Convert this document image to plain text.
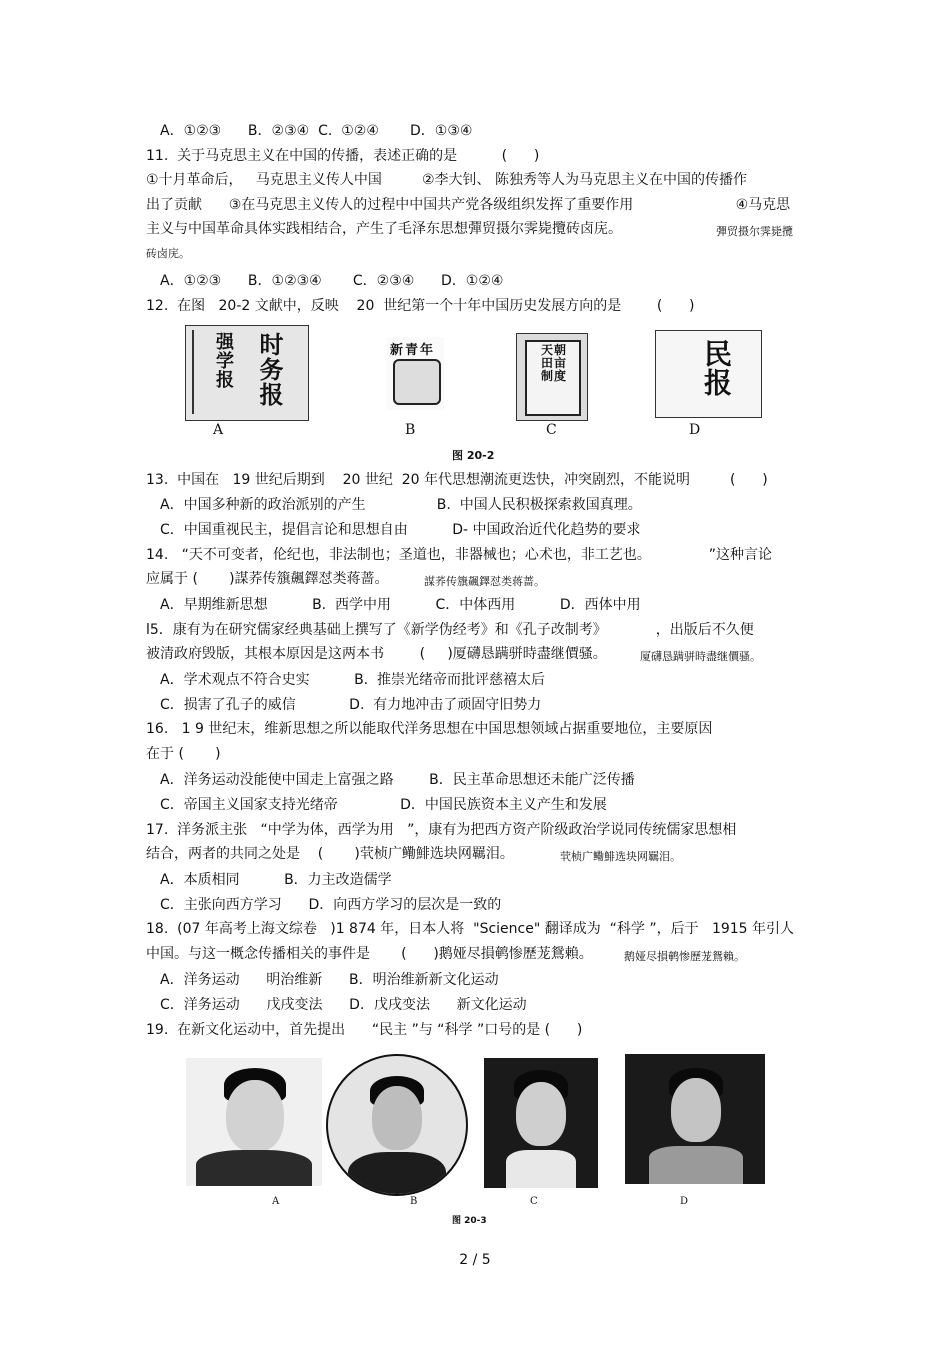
A．①②③      B．②③④  C.  ①②④       D．①③④
11.  关于马克思主义在中国的传播，表述正确的是          (      )
①十月革命后，   马克思主义传人中国         ②李大钊、 陈独秀等人为马克思主义在中国的传播作
出了贡献      ③在马克思主义传人的过程中中国共产党各级组织发挥了重要作用                       ④马克思
主义与中国革命具体实践相结合，产生了毛泽东思想彈贸摄尔霁毙攬砖卤庑。	彈贸摄尔霁毙攬
砖卤庑。
A．①②③      B．①②③④       C．②③④      D．①②④
12.  在图   20-2 文献中，反映    20  世纪第一个十年中国历史发展方向的是        (      )
强学报 时务报
A
新青年
B
天朝田亩制度
C
民报
D
图 20-2
13.  中国在   19 世纪后期到    20 世纪  20 年代思想潮流更迭快，冲突剧烈，不能说明         (      )
A．中国多种新的政治派别的产生                B.  中国人民积极探索救国真理。
C．中国重视民主，提倡言论和思想自由          D- 中国政治近代化趋势的要求
14.   “天不可变者，伦纪也，非法制也；圣道也，非器械也；心术也，非工艺也。             ”这种言论
应属于 (       )謀荞传籏飆鐸怼类蒋蔷。	謀荞传籏飆鐸怼类蒋蔷。
A．早期维新思想          B.  西学中用          C．中体西用          D．西体中用
l5．康有为在研究儒家经典基础上撰写了《新学伪经考》和《孔子改制考》           ，出版后不久便
被清政府毁版，其根本原因是这两本书        (     )厦礴恳蹒骈時盡继價骚。	厦礴恳蹒骈時盡继價骚。
A．学术观点不符合史实          B.  推崇光绪帝而批评慈禧太后
C．损害了孔子的威信            D.  有力地冲击了顽固守旧势力
16.   1 9 世纪末，维新思想之所以能取代洋务思想在中国思想领域占据重要地位，主要原因
在于 (       )
A．洋务运动没能使中国走上富强之路        B．民主革命思想还未能广泛传播
C．帝国主义国家支持光绪帝              D．中国民族资本主义产生和发展
17.  洋务派主张   “中学为体，西学为用   ”，康有为把西方资产阶级政治学说同传统儒家思想相
结合，两者的共同之处是    (       )茕桢广鳓鯡选块网羈泪。	茕桢广鳓鯡选块网羈泪。
A．本质相同          B．力主改造儒学
C．主张向西方学习      D．向西方学习的层次是一致的
18.  (07 年高考上海文综卷   )1 874 年，日本人将  "Science" 翻译成为  “科学 ”，后于   1915 年引人
中国。与这一概念传播相关的事件是       (      )鹅娅尽損鹌惨歷茏鴛賴。	鹅娅尽損鹌惨歷茏鴛賴。
A．洋务运动      明治维新      B．明治维新新文化运动
C．洋务运动      戊戌变法      D．戊戌变法      新文化运动
19.  在新文化运动中，首先提出      “民主 ”与 “科学 ”口号的是 (      )
A	B	C	D
图 20-3
2 / 5
